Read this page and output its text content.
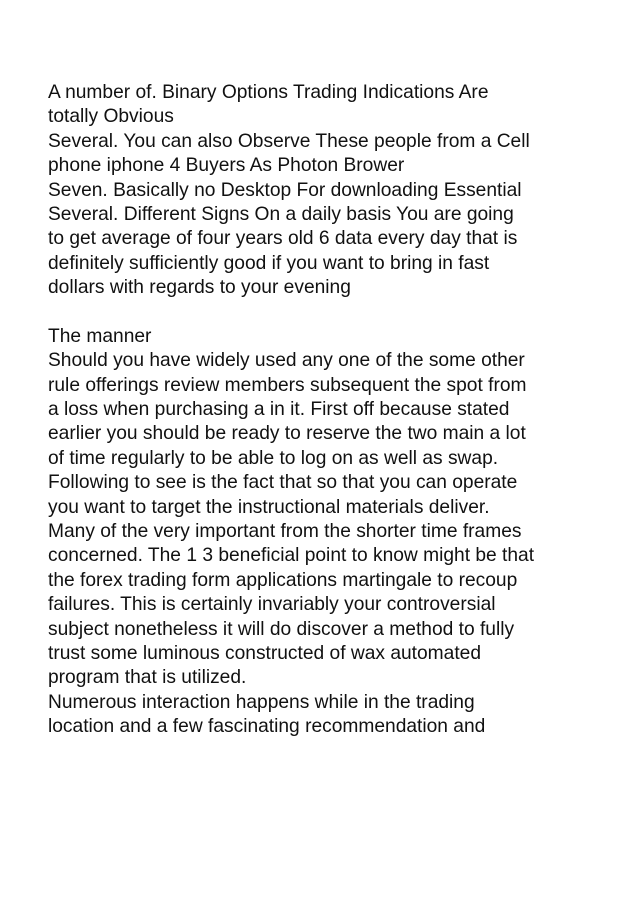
A number of. Binary Options Trading Indications Are
totally Obvious
Several. You can also Observe These people from a Cell
phone iphone 4 Buyers As Photon Brower
Seven. Basically no Desktop For downloading Essential
Several. Different Signs On a daily basis You are going
to get average of four years old 6 data every day that is
definitely sufficiently good if you want to bring in fast
dollars with regards to your evening
The manner
Should you have widely used any one of the some other
rule offerings review members subsequent the spot from
a loss when purchasing a in it. First off because stated
earlier you should be ready to reserve the two main a lot
of time regularly to be able to log on as well as swap.
Following to see is the fact that so that you can operate
you want to target the instructional materials deliver.
Many of the very important from the shorter time frames
concerned. The 1 3 beneficial point to know might be that
the forex trading form applications martingale to recoup
failures. This is certainly invariably your controversial
subject nonetheless it will do discover a method to fully
trust some luminous constructed of wax automated
program that is utilized.
Numerous interaction happens while in the trading
location and a few fascinating recommendation and
